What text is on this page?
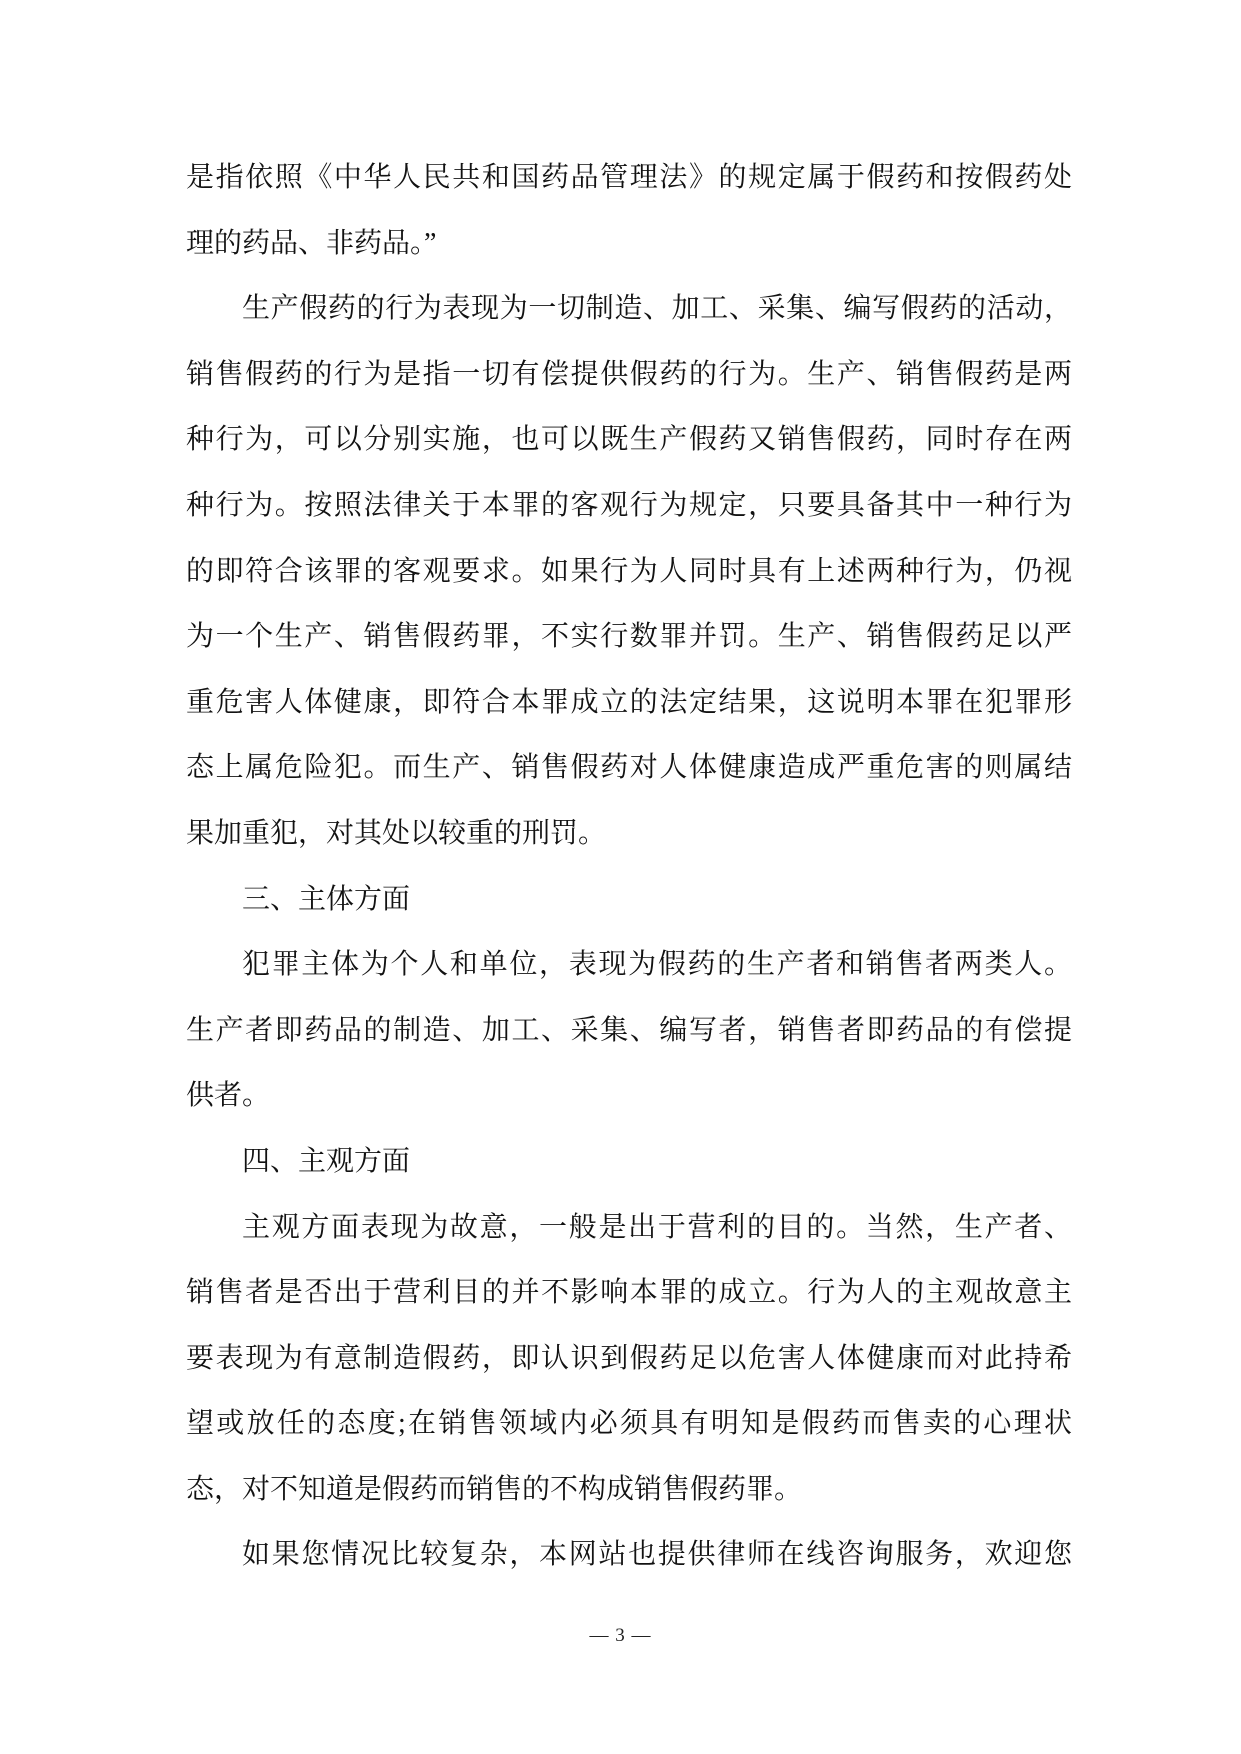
是指依照《中华人民共和国药品管理法》的规定属于假药和按假药处
理的药品、非药品。”
生产假药的行为表现为一切制造、加工、采集、编写假药的活动，
销售假药的行为是指一切有偿提供假药的行为。生产、销售假药是两
种行为，可以分别实施，也可以既生产假药又销售假药，同时存在两
种行为。按照法律关于本罪的客观行为规定，只要具备其中一种行为
的即符合该罪的客观要求。如果行为人同时具有上述两种行为，仍视
为一个生产、销售假药罪，不实行数罪并罚。生产、销售假药足以严
重危害人体健康，即符合本罪成立的法定结果，这说明本罪在犯罪形
态上属危险犯。而生产、销售假药对人体健康造成严重危害的则属结
果加重犯，对其处以较重的刑罚。
三、主体方面
犯罪主体为个人和单位，表现为假药的生产者和销售者两类人。
生产者即药品的制造、加工、采集、编写者，销售者即药品的有偿提
供者。
四、主观方面
主观方面表现为故意，一般是出于营利的目的。当然，生产者、
销售者是否出于营利目的并不影响本罪的成立。行为人的主观故意主
要表现为有意制造假药，即认识到假药足以危害人体健康而对此持希
望或放任的态度;在销售领域内必须具有明知是假药而售卖的心理状
态，对不知道是假药而销售的不构成销售假药罪。
如果您情况比较复杂，本网站也提供律师在线咨询服务，欢迎您
— 3 —
